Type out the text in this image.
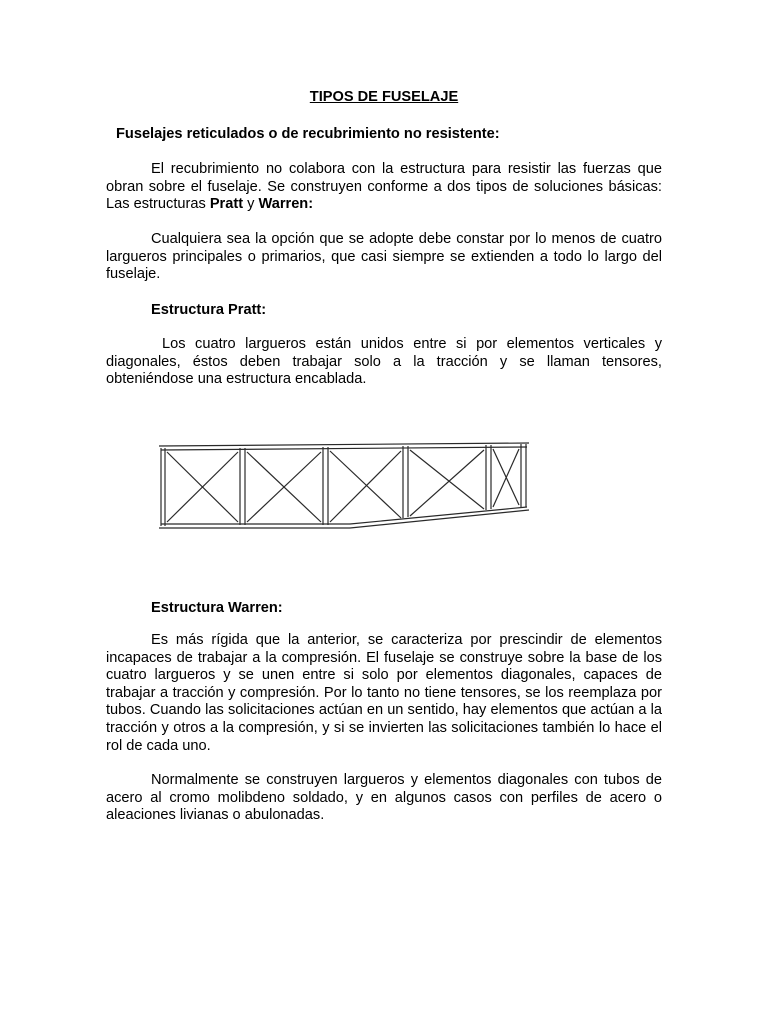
TIPOS DE FUSELAJE
Fuselajes reticulados o de recubrimiento no resistente:

El recubrimiento no colabora con la estructura para resistir las fuerzas que obran sobre el fuselaje. Se construyen conforme a dos tipos de soluciones básicas: Las estructuras Pratt y Warren:

Cualquiera sea la opción que se adopte debe constar por lo menos de cuatro largueros principales o primarios, que casi siempre se extienden a todo lo largo del fuselaje.

Estructura Pratt:

Los cuatro largueros están unidos entre si por elementos verticales y diagonales, éstos deben trabajar solo a la tracción y se llaman tensores, obteniéndose una estructura encablada.

Estructura Warren:

Es más rígida que la anterior, se caracteriza por prescindir de elementos incapaces de trabajar a la compresión. El fuselaje se construye sobre la base de los cuatro largueros y se unen entre si solo por elementos diagonales, capaces de trabajar a tracción y compresión. Por lo tanto no tiene tensores, se los reemplaza por tubos. Cuando las solicitaciones actúan en un sentido, hay elementos que actúan a la tracción y otros a la compresión, y si se invierten las solicitaciones también lo hace el rol de cada uno.

Normalmente se construyen largueros y elementos diagonales con tubos de acero al cromo molibdeno soldado, y en algunos casos con perfiles de acero o aleaciones livianas o abulonadas.
